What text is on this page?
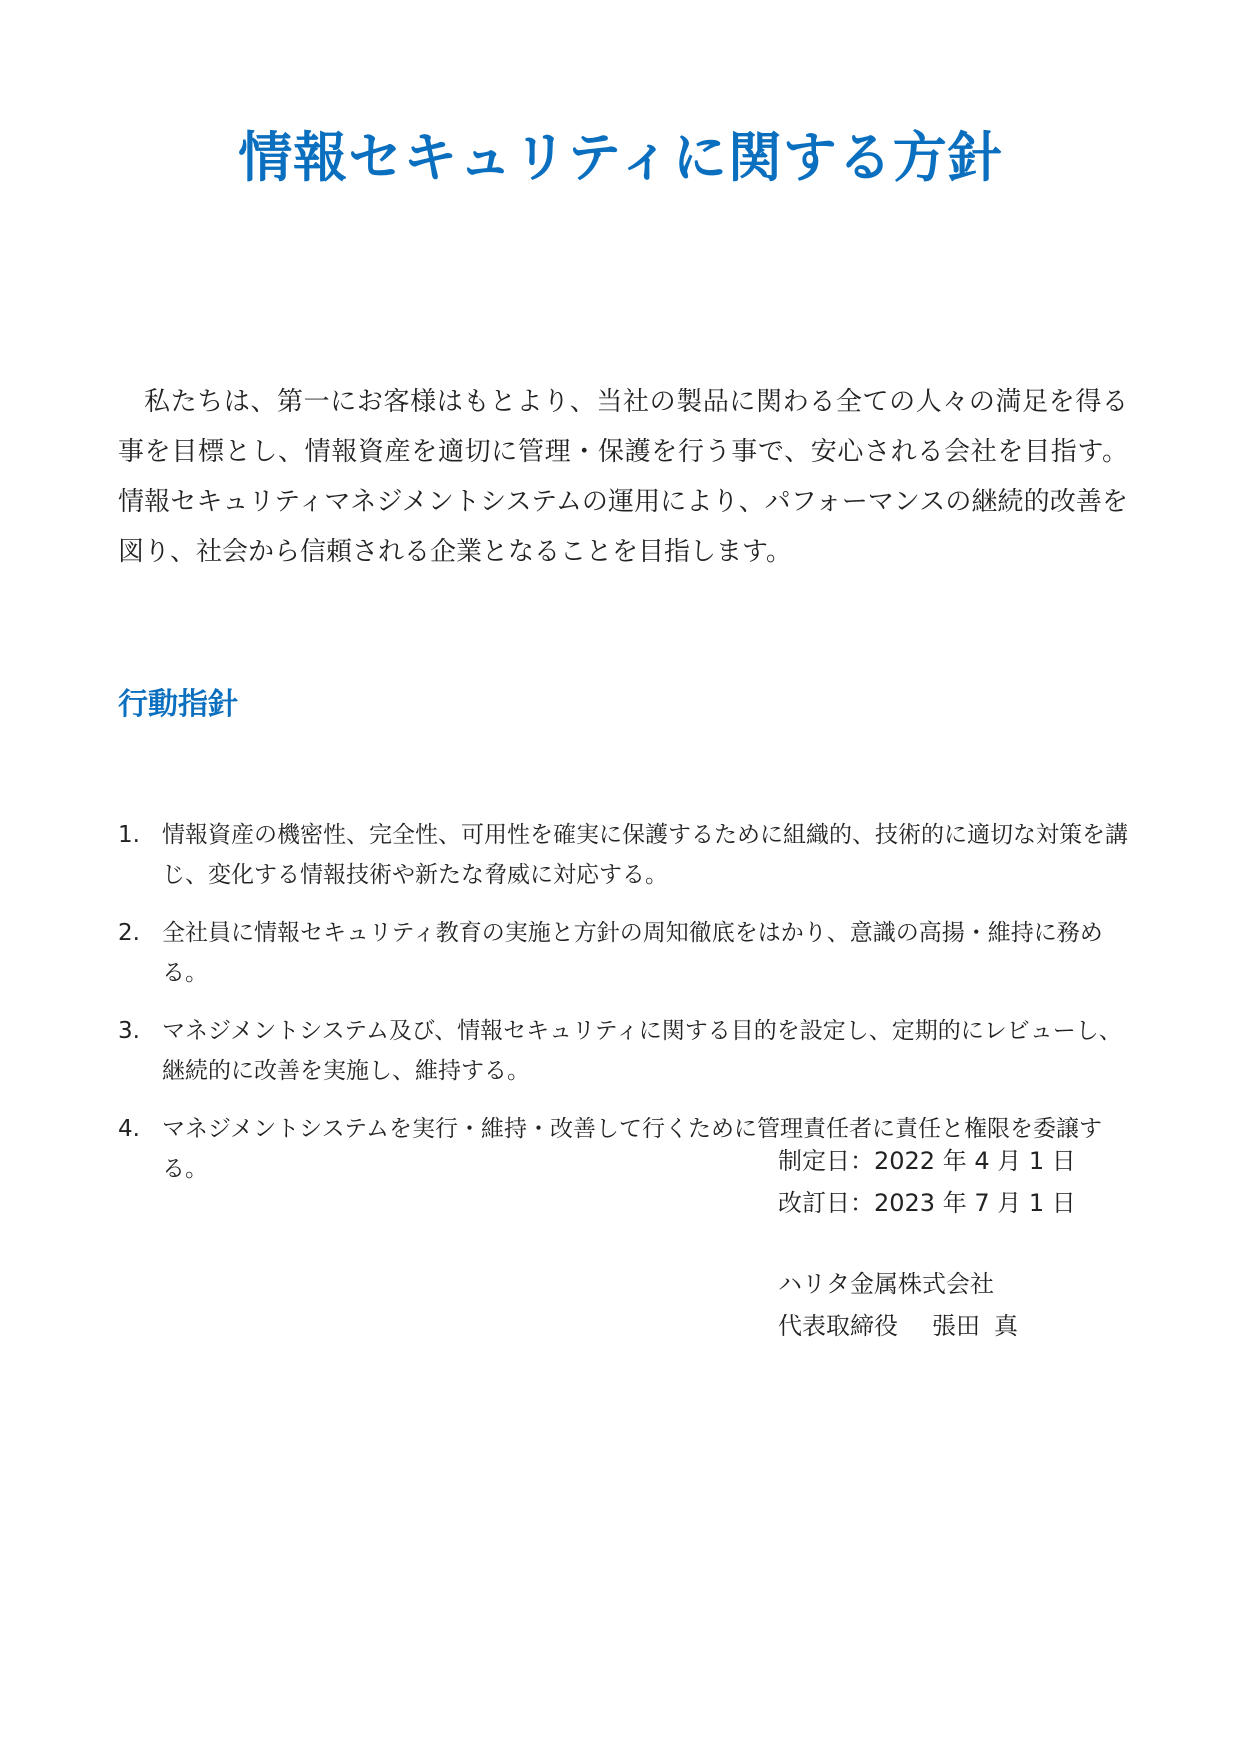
情報セキュリティに関する方針

私たちは、第一にお客様はもとより、当社の製品に関わる全ての人々の満足を得る事を目標とし、情報資産を適切に管理・保護を行う事で、安心される会社を目指す。情報セキュリティマネジメントシステムの運用により、パフォーマンスの継続的改善を図り、社会から信頼される企業となることを目指します。

行動指針
1. 情報資産の機密性、完全性、可用性を確実に保護するために組織的、技術的に適切な対策を講じ、変化する情報技術や新たな脅威に対応する。
2. 全社員に情報セキュリティ教育の実施と方針の周知徹底をはかり、意識の高揚・維持に務める。
3. マネジメントシステム及び、情報セキュリティに関する目的を設定し、定期的にレビューし、継続的に改善を実施し、維持する。
4. マネジメントシステムを実行・維持・改善して行くために管理責任者に責任と権限を委譲する。	制定日 ： 2022 年 4 月 1 日
改訂日 ： 2023 年 7 月 1 日
ハリタ金属株式会社
代表取締役 張田 真
